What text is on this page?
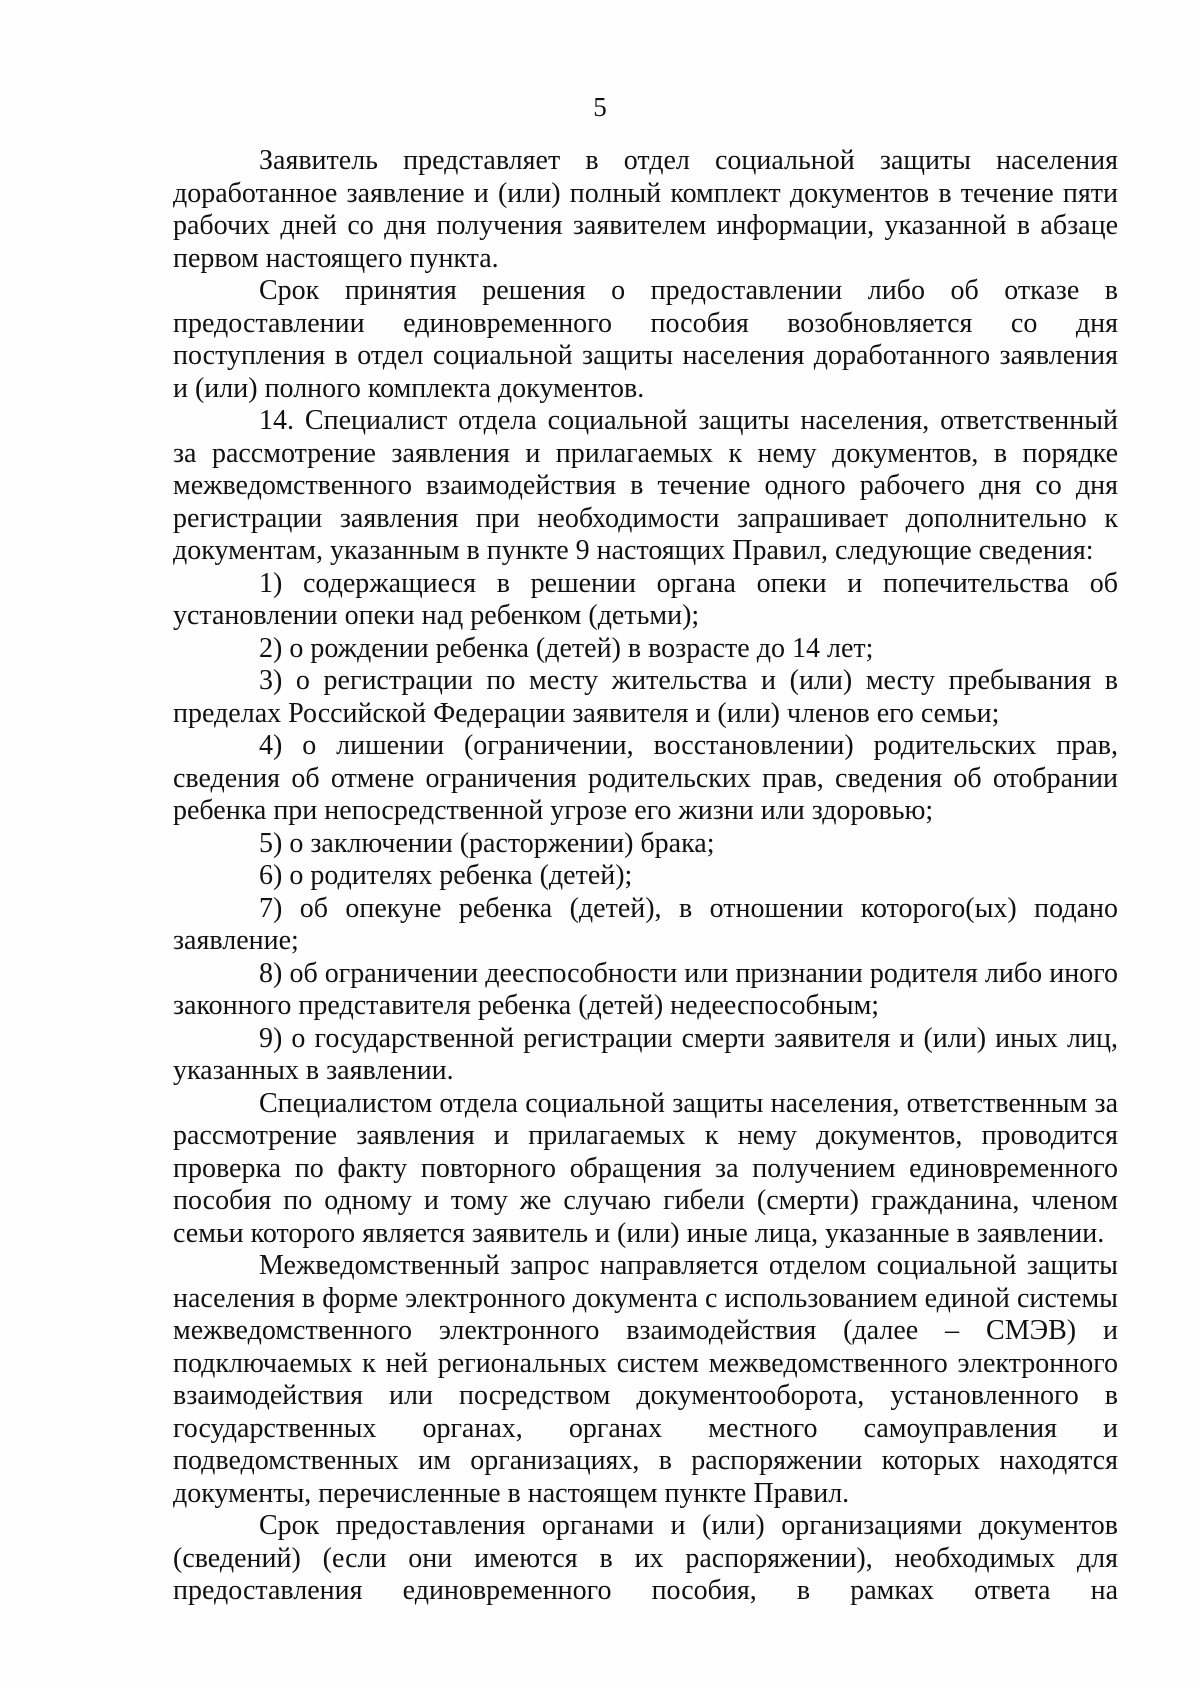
5

Заявитель представляет в отдел социальной защиты населения доработанное заявление и (или) полный комплект документов в течение пяти рабочих дней со дня получения заявителем информации, указанной в абзаце первом настоящего пункта.

Срок принятия решения о предоставлении либо об отказе в предоставлении единовременного пособия возобновляется со дня поступления в отдел социальной защиты населения доработанного заявления и (или) полного комплекта документов.

14. Специалист отдела социальной защиты населения, ответственный за рассмотрение заявления и прилагаемых к нему документов, в порядке межведомственного взаимодействия в течение одного рабочего дня со дня регистрации заявления при необходимости запрашивает дополнительно к документам, указанным в пункте 9 настоящих Правил, следующие сведения:

1) содержащиеся в решении органа опеки и попечительства об установлении опеки над ребенком (детьми);

2) о рождении ребенка (детей) в возрасте до 14 лет;

3) о регистрации по месту жительства и (или) месту пребывания в пределах Российской Федерации заявителя и (или) членов его семьи;

4) о лишении (ограничении, восстановлении) родительских прав, сведения об отмене ограничения родительских прав, сведения об отобрании ребенка при непосредственной угрозе его жизни или здоровью;

5) о заключении (расторжении) брака;

6) о родителях ребенка (детей);

7) об опекуне ребенка (детей), в отношении которого(ых) подано заявление;

8) об ограничении дееспособности или признании родителя либо иного законного представителя ребенка (детей) недееспособным;

9) о государственной регистрации смерти заявителя и (или) иных лиц, указанных в заявлении.

Специалистом отдела социальной защиты населения, ответственным за рассмотрение заявления и прилагаемых к нему документов, проводится проверка по факту повторного обращения за получением единовременного пособия по одному и тому же случаю гибели (смерти) гражданина, членом семьи которого является заявитель и (или) иные лица, указанные в заявлении.

Межведомственный запрос направляется отделом социальной защиты населения в форме электронного документа с использованием единой системы межведомственного электронного взаимодействия (далее – СМЭВ) и подключаемых к ней региональных систем межведомственного электронного взаимодействия или посредством документооборота, установленного в государственных органах, органах местного самоуправления и подведомственных им организациях, в распоряжении которых находятся документы, перечисленные в настоящем пункте Правил.

Срок предоставления органами и (или) организациями документов (сведений) (если они имеются в их распоряжении), необходимых для предоставления единовременного пособия, в рамках ответа на
